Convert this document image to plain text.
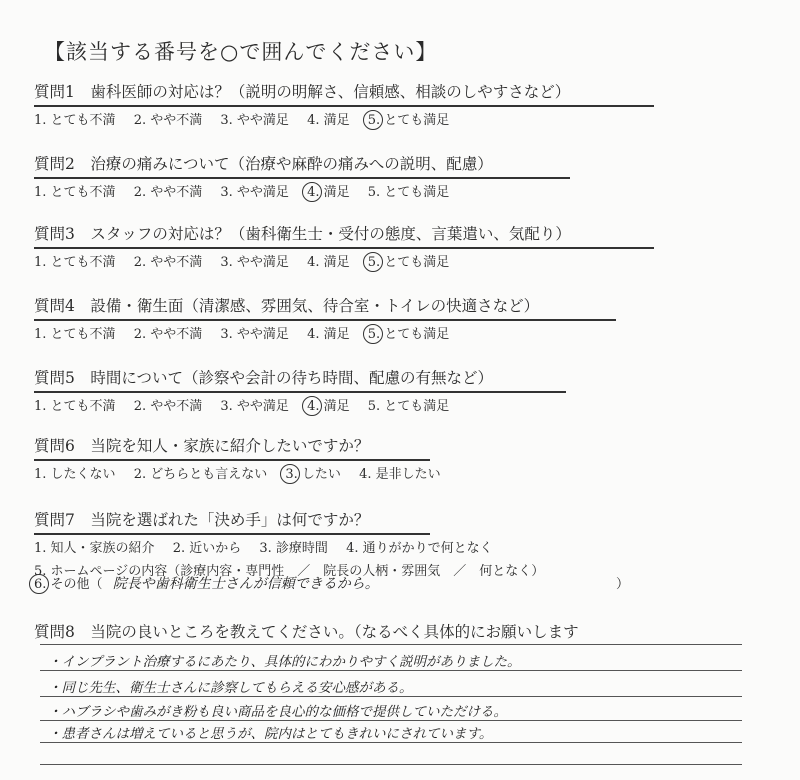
【該当する番号を○で囲んでください】
質問1　歯科医師の対応は？（説明の明解さ、信頼感、相談のしやすさなど）
1. とても不満 2. やや不満 3. やや満足 4. 満足 5. とても満足
質問2　治療の痛みについて（治療や麻酔の痛みへの説明、配慮）
1. とても不満 2. やや不満 3. やや満足 4. 満足 5. とても満足
質問3　スタッフの対応は？（歯科衛生士・受付の態度、言葉遣い、気配り）
1. とても不満 2. やや不満 3. やや満足 4. 満足 5. とても満足
質問4　設備・衛生面（清潔感、雰囲気、待合室・トイレの快適さなど）
1. とても不満 2. やや不満 3. やや満足 4. 満足 5. とても満足
質問5　時間について（診察や会計の待ち時間、配慮の有無など）
1. とても不満 2. やや不満 3. やや満足 4. 満足 5. とても満足
質問6　当院を知人・家族に紹介したいですか？
1. したくない 2. どちらとも言えない 3. したい 4. 是非したい
質問7　当院を選ばれた「決め手」は何ですか？
1. 知人・家族の紹介 2. 近いから 3. 診療時間 4. 通りがかりで何となく
5. ホームページの内容（診療内容・専門性　／　院長の人柄・雰囲気　／　何となく）
6. その他（ 院長や歯科衛生士さんが信頼できるから。	）
質問8　当院の良いところを教えてください。（なるべく具体的にお願いします
・インプラント治療するにあたり、具体的にわかりやすく説明がありました。
・同じ先生、衛生士さんに診察してもらえる安心感がある。
・ハブラシや歯みがき粉も良い商品を良心的な価格で提供していただける。
・患者さんは増えていると思うが、院内はとてもきれいにされています。
